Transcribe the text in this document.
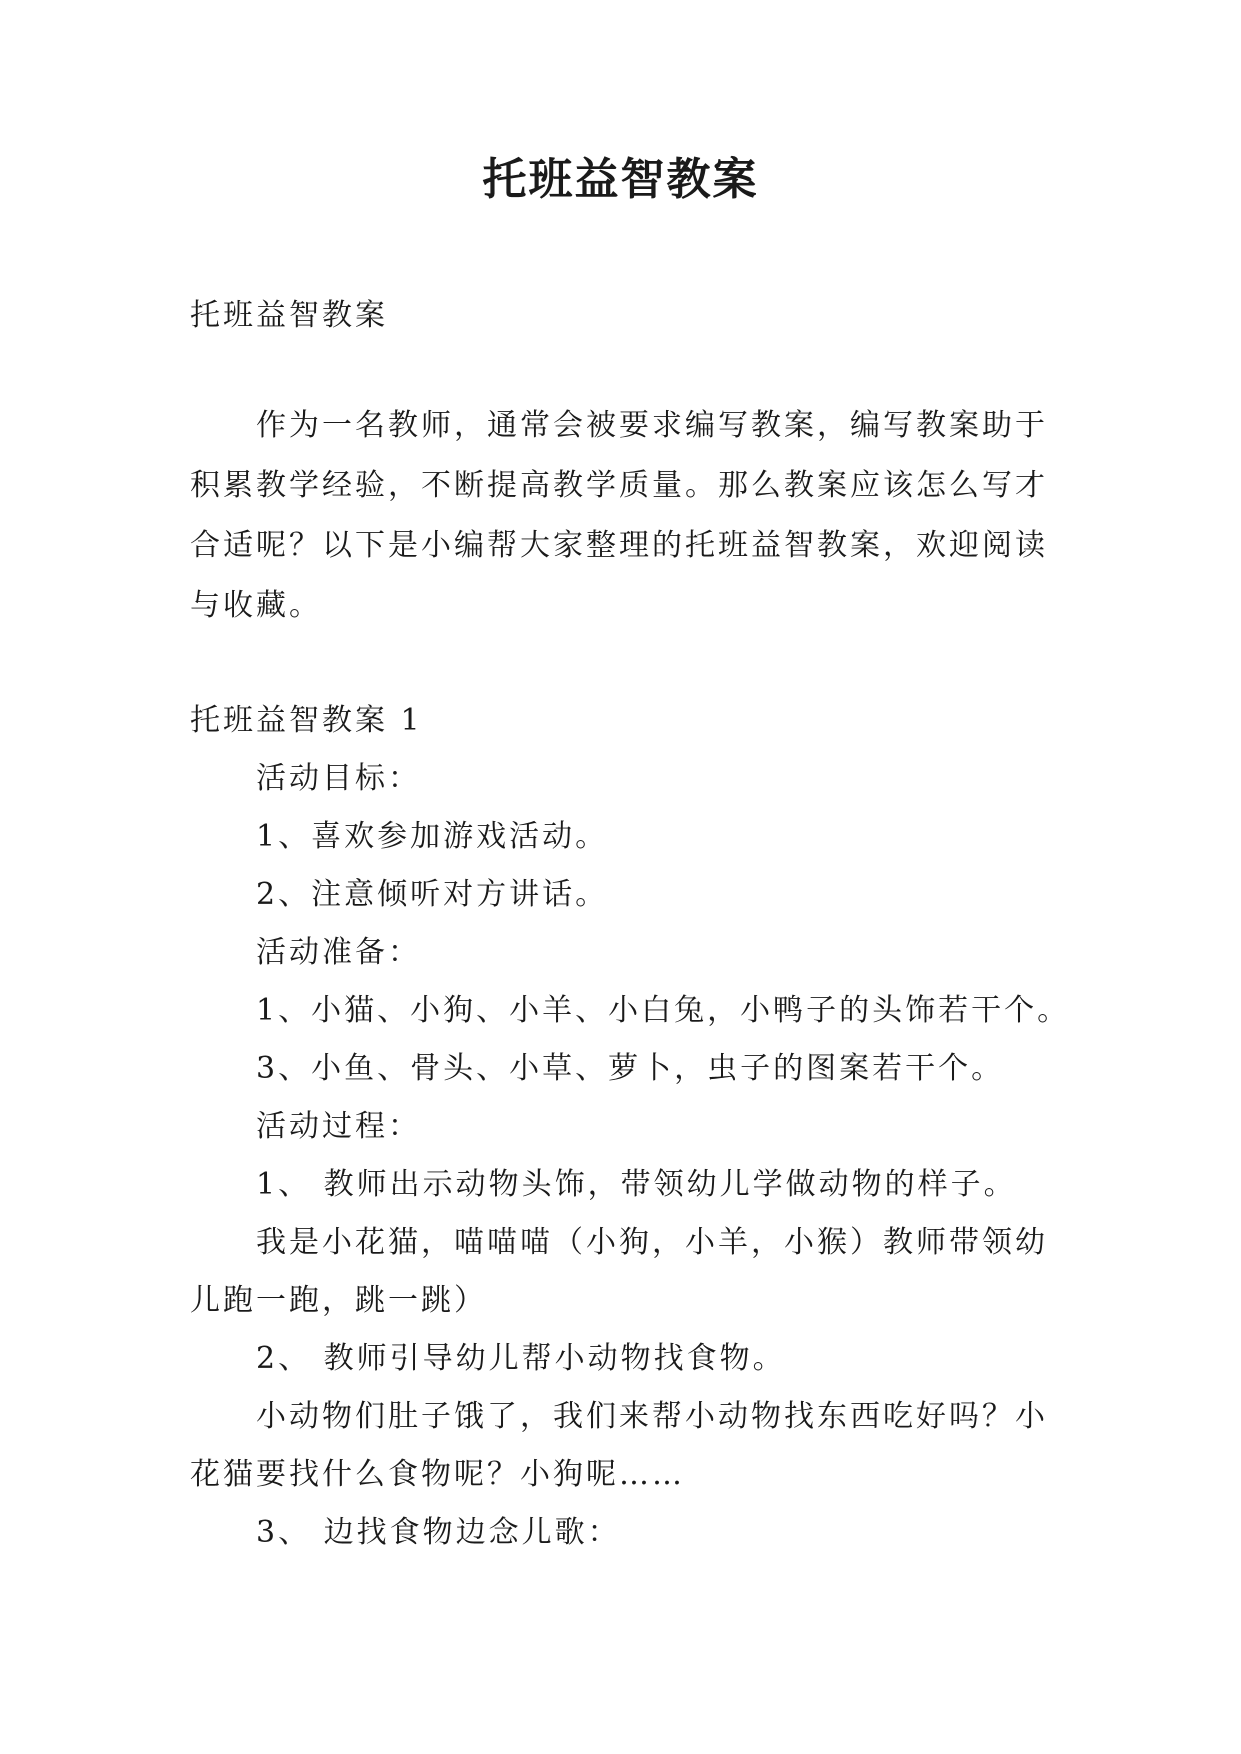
托班益智教案
托班益智教案
作为一名教师，通常会被要求编写教案，编写教案助于
积累教学经验，不断提高教学质量。那么教案应该怎么写才
合适呢？以下是小编帮大家整理的托班益智教案，欢迎阅读
与收藏。
托班益智教案 1
活动目标：
1、喜欢参加游戏活动。
2、注意倾听对方讲话。
活动准备：
1、小猫、小狗、小羊、小白兔，小鸭子的头饰若干个。
3、小鱼、骨头、小草、萝卜，虫子的图案若干个。
活动过程：
1、 教师出示动物头饰，带领幼儿学做动物的样子。
我是小花猫，喵喵喵（小狗，小羊，小猴）教师带领幼
儿跑一跑，跳一跳）
2、 教师引导幼儿帮小动物找食物。
小动物们肚子饿了，我们来帮小动物找东西吃好吗？小
花猫要找什么食物呢？小狗呢……
3、 边找食物边念儿歌：
